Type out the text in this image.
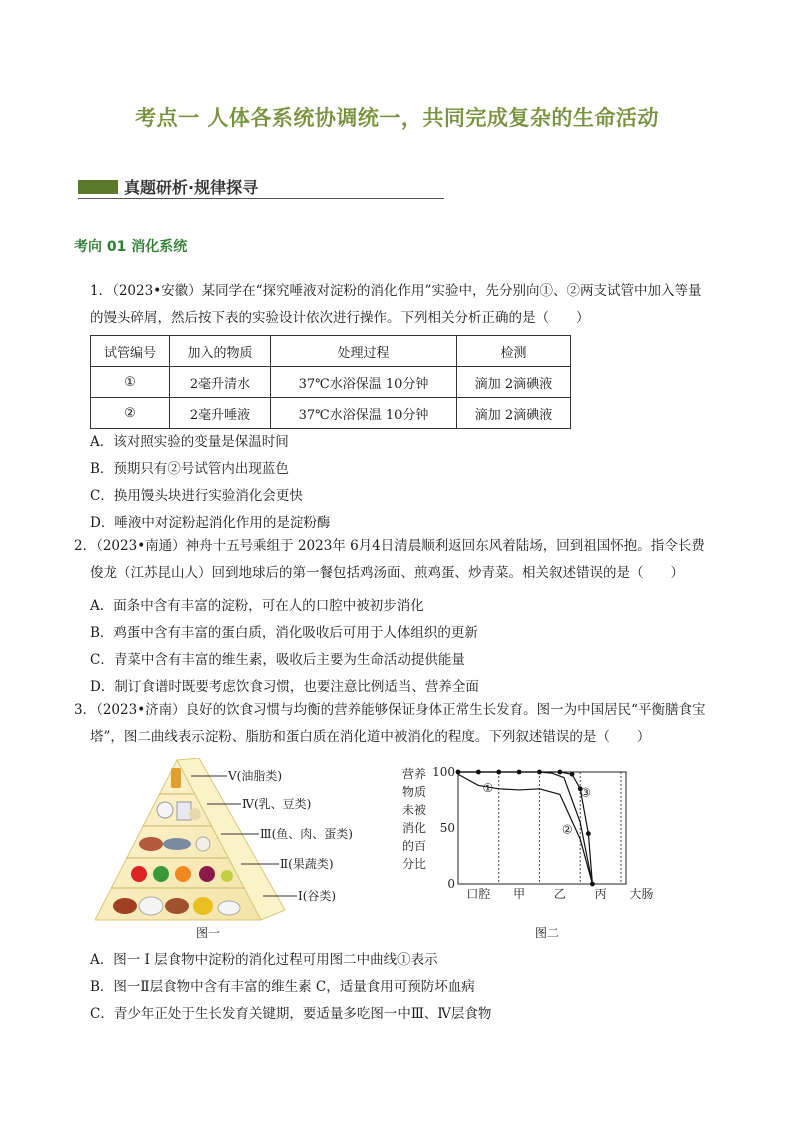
考点一 人体各系统协调统一，共同完成复杂的生命活动
真题研析·规律探寻
考向 01 消化系统
1．（2023•安徽）某同学在“探究唾液对淀粉的消化作用”实验中，先分别向①、②两支试管中加入等量
的馒头碎屑，然后按下表的实验设计依次进行操作。下列相关分析正确的是（　　）
试管编号	加入的物质	处理过程	检测
①	2毫升清水	37℃水浴保温 10分钟	滴加 2滴碘液
②	2毫升唾液	37℃水浴保温 10分钟	滴加 2滴碘液
A．该对照实验的变量是保温时间
B．预期只有②号试管内出现蓝色
C．换用馒头块进行实验消化会更快
D．唾液中对淀粉起消化作用的是淀粉酶
2．（2023•南通）神舟十五号乘组于 2023年 6月4日清晨顺利返回东风着陆场，回到祖国怀抱。指令长费
俊龙（江苏昆山人）回到地球后的第一餐包括鸡汤面、煎鸡蛋、炒青菜。相关叙述错误的是（　　）
A．面条中含有丰富的淀粉，可在人的口腔中被初步消化
B．鸡蛋中含有丰富的蛋白质，消化吸收后可用于人体组织的更新
C．青菜中含有丰富的维生素，吸收后主要为生命活动提供能量
D．制订食谱时既要考虑饮食习惯，也要注意比例适当、营养全面
3．（2023•济南）良好的饮食习惯与均衡的营养能够保证身体正常生长发育。图一为中国居民“平衡膳食宝
塔”，图二曲线表示淀粉、脂肪和蛋白质在消化道中被消化的程度。下列叙述错误的是（　　）
Ⅴ(油脂类)
Ⅳ(乳、豆类)
Ⅲ(鱼、肉、蛋类)
Ⅱ(果蔬类)
Ⅰ(谷类)
图一
营养
物质
未被
消化
的百
分比
100
50
0
口腔 甲 乙 丙 大肠
①
②
③
图二
A．图一 I 层食物中淀粉的消化过程可用图二中曲线①表示
B．图一Ⅱ层食物中含有丰富的维生素 C，适量食用可预防坏血病
C．青少年正处于生长发育关键期，要适量多吃图一中Ⅲ、Ⅳ层食物
